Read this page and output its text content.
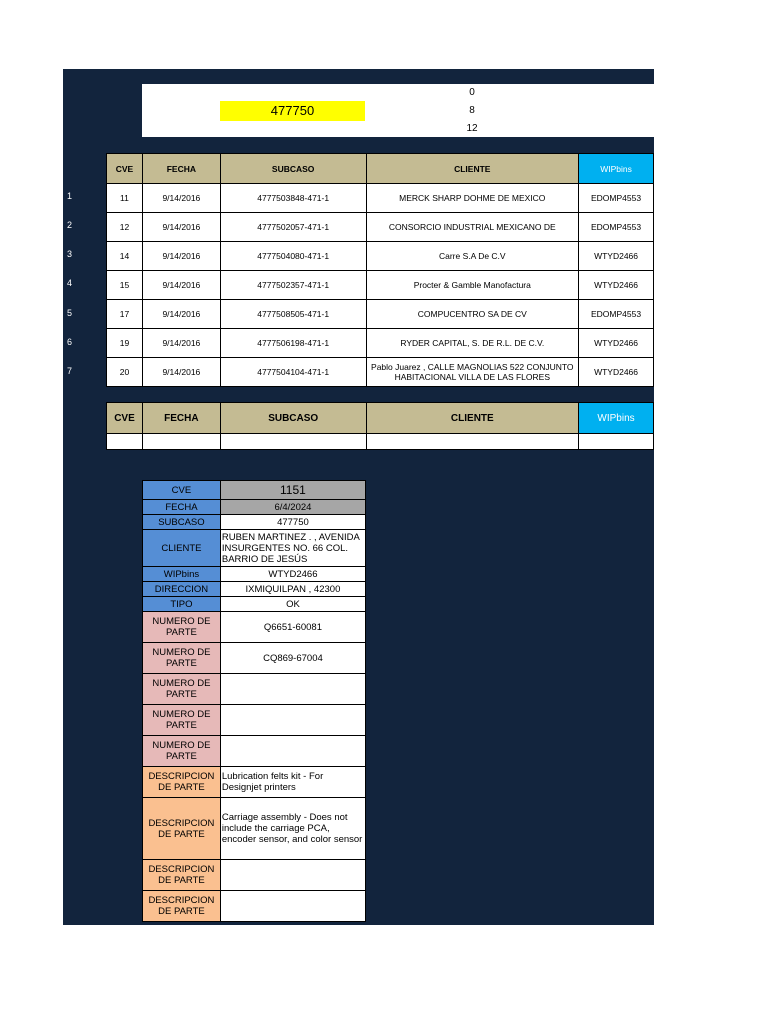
477750
0
8
12
1
2
3
4
5
6
7
CVE	FECHA	SUBCASO	CLIENTE	WIPbins
11	9/14/2016	4777503848-471-1	MERCK SHARP DOHME DE MEXICO	EDOMP4553
12	9/14/2016	4777502057-471-1	CONSORCIO INDUSTRIAL MEXICANO DE	EDOMP4553
14	9/14/2016	4777504080-471-1	Carre S.A De C.V	WTYD2466
15	9/14/2016	4777502357-471-1	Procter & Gamble Manofactura	WTYD2466
17	9/14/2016	4777508505-471-1	COMPUCENTRO SA DE CV	EDOMP4553
19	9/14/2016	4777506198-471-1	RYDER CAPITAL, S. DE R.L. DE C.V.	WTYD2466
20	9/14/2016	4777504104-471-1	Pablo Juarez , CALLE MAGNOLIAS 522 CONJUNTO HABITACIONAL VILLA DE LAS FLORES	WTYD2466
CVE	FECHA	SUBCASO	CLIENTE	WIPbins

CVE	1151
FECHA	6/4/2024
SUBCASO	477750
CLIENTE	RUBEN MARTINEZ . , AVENIDA INSURGENTES NO. 66 COL. BARRIO DE JESÚS
WIPbins	WTYD2466
DIRECCION	IXMIQUILPAN , 42300
TIPO	OK
NUMERO DE PARTE	Q6651-60081
NUMERO DE PARTE	CQ869-67004
NUMERO DE PARTE	
NUMERO DE PARTE	
NUMERO DE PARTE	
DESCRIPCION DE PARTE	Lubrication felts kit - For Designjet printers
DESCRIPCION DE PARTE	Carriage assembly - Does not include the carriage PCA, encoder sensor, and color sensor
DESCRIPCION DE PARTE	
DESCRIPCION DE PARTE	
